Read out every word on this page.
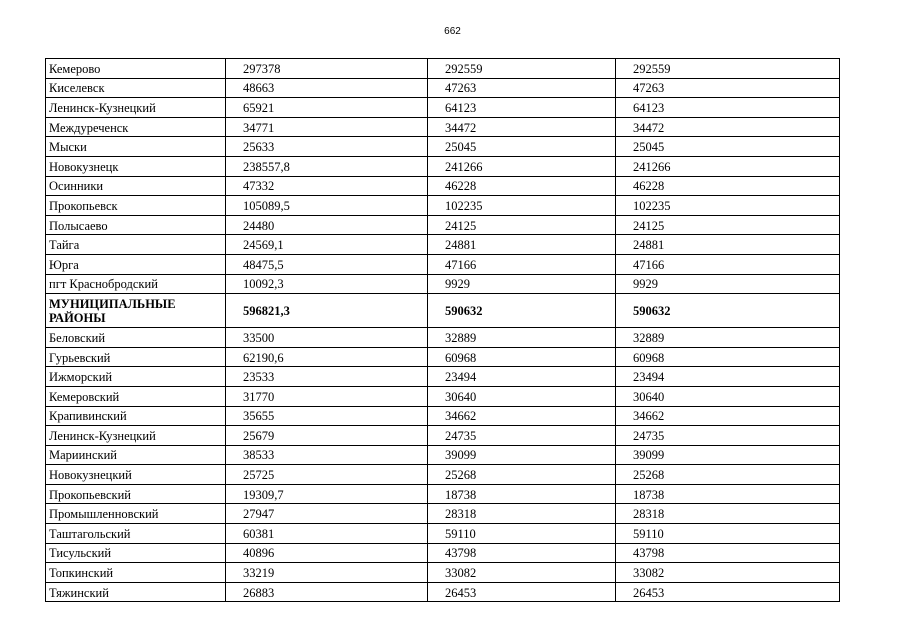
662
Кемерово	297378	292559	292559
Киселевск	48663	47263	47263
Ленинск-Кузнецкий	65921	64123	64123
Междуреченск	34771	34472	34472
Мыски	25633	25045	25045
Новокузнецк	238557,8	241266	241266
Осинники	47332	46228	46228
Прокопьевск	105089,5	102235	102235
Полысаево	24480	24125	24125
Тайга	24569,1	24881	24881
Юрга	48475,5	47166	47166
пгт Краснобродский	10092,3	9929	9929
МУНИЦИПАЛЬНЫЕ РАЙОНЫ	596821,3	590632	590632
Беловский	33500	32889	32889
Гурьевский	62190,6	60968	60968
Ижморский	23533	23494	23494
Кемеровский	31770	30640	30640
Крапивинский	35655	34662	34662
Ленинск-Кузнецкий	25679	24735	24735
Мариинский	38533	39099	39099
Новокузнецкий	25725	25268	25268
Прокопьевский	19309,7	18738	18738
Промышленновский	27947	28318	28318
Таштагольский	60381	59110	59110
Тисульский	40896	43798	43798
Топкинский	33219	33082	33082
Тяжинский	26883	26453	26453
